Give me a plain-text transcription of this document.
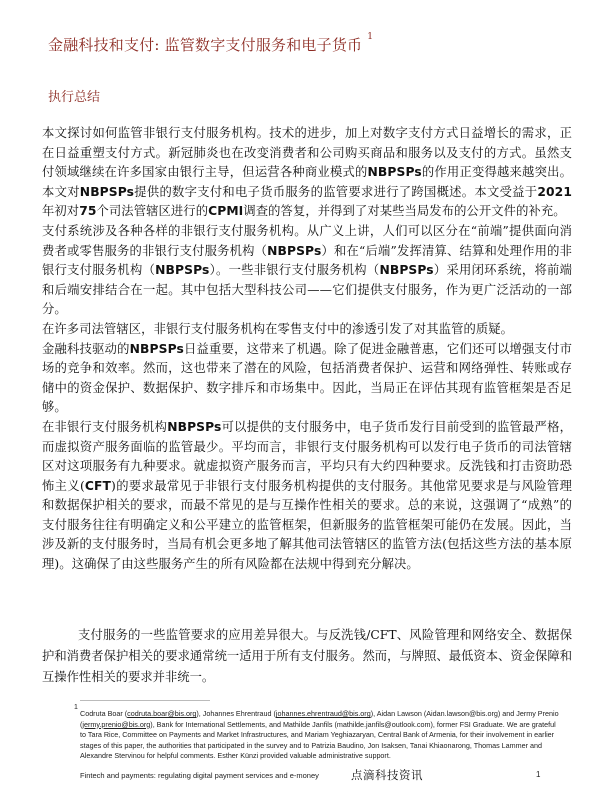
金融科技和支付: 监管数字支付服务和电子货币 $^1$
执行总结

本文探讨如何监管非银行支付服务机构。技术的进步，加上对数字支付方式日益增长的需求，正在日益重塑支付方式。新冠肺炎也在改变消费者和公司购买商品和服务以及支付的方式。虽然支付领域继续在许多国家由银行主导，但运营各种商业模式的NBPSPs的作用正变得越来越突出。本文对NBPSPs提供的数字支付和电子货币服务的监管要求进行了跨国概述。本文受益于2021年初对75个司法管辖区进行的CPMI调查的答复，并得到了对某些当局发布的公开文件的补充。

支付系统涉及各种各样的非银行支付服务机构。从广义上讲，人们可以区分在“前端”提供面向消费者或零售服务的非银行支付服务机构（NBPSPs）和在“后端”发挥清算、结算和处理作用的非银行支付服务机构（NBPSPs）。一些非银行支付服务机构（NBPSPs）采用闭环系统，将前端和后端安排结合在一起。其中包括大型科技公司——它们提供支付服务，作为更广泛活动的一部分。

在许多司法管辖区，非银行支付服务机构在零售支付中的渗透引发了对其监管的质疑。

金融科技驱动的NBPSPs日益重要，这带来了机遇。除了促进金融普惠，它们还可以增强支付市场的竞争和效率。然而，这也带来了潜在的风险，包括消费者保护、运营和网络弹性、转账或存储中的资金保护、数据保护、数字排斥和市场集中。因此，当局正在评估其现有监管框架是否足够。

在非银行支付服务机构NBPSPs可以提供的支付服务中，电子货币发行目前受到的监管最严格，而虚拟资产服务面临的监管最少。平均而言，非银行支付服务机构可以发行电子货币的司法管辖区对这项服务有九种要求。就虚拟资产服务而言，平均只有大约四种要求。反洗钱和打击资助恐怖主义(CFT)的要求最常见于非银行支付服务机构提供的支付服务。其他常见要求是与风险管理和数据保护相关的要求，而最不常见的是与互操作性相关的要求。总的来说，这强调了“成熟”的支付服务往往有明确定义和公平建立的监管框架，但新服务的监管框架可能仍在发展。因此，当涉及新的支付服务时，当局有机会更多地了解其他司法管辖区的监管方法(包括这些方法的基本原理)。这确保了由这些服务产生的所有风险都在法规中得到充分解决。

支付服务的一些监管要求的应用差异很大。与反洗钱/CFT、风险管理和网络安全、数据保护和消费者保护相关的要求通常统一适用于所有支付服务。然而，与牌照、最低资本、资金保障和互操作性相关的要求并非统一。
1
Codruta Boar (codruta.boar@bis.org), Johannes Ehrentraud (johannes.ehrentraud@bis.org), Aidan Lawson (Aidan.lawson@bis.org) and Jermy Prenio (jermy.prenio@bis.org), Bank for International Settlements, and Mathilde Janfils (mathilde.janfils@outlook.com), former FSI Graduate. We are grateful to Tara Rice, Committee on Payments and Market Infrastructures, and Mariam Yeghiazaryan, Central Bank of Armenia, for their involvement in earlier stages of this paper, the authorities that participated in the survey and to Patrizia Baudino, Jon Isaksen, Tanai Khiaonarong, Thomas Lammer and Alexandre Stervinou for helpful comments. Esther Künzi provided valuable administrative support.
Fintech and payments: regulating digital payment services and e-money	点滴科技资讯	1
